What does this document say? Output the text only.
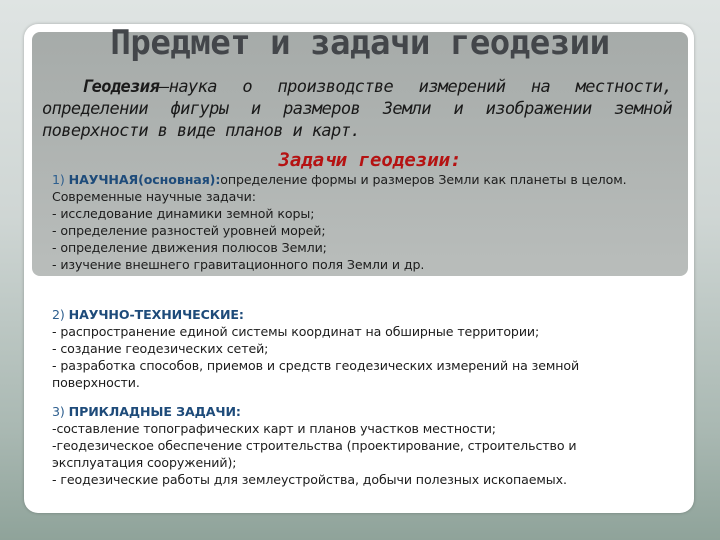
Предмет и задачи геодезии

Геодезия—наука о производстве измерений на местности, определении фигуры и размеров Земли и изображении земной поверхности в виде планов и карт.

Задачи геодезии:
1) НАУЧНАЯ(основная):определение формы и размеров Земли как планеты в целом.
Современные научные задачи:
- исследование динамики земной коры;
- определение разностей уровней морей;
- определение движения полюсов Земли;
- изучение внешнего гравитационного поля Земли и др.
2) НАУЧНО-ТЕХНИЧЕСКИЕ:
- распространение единой системы координат на обширные территории;
- создание геодезических сетей;
- разработка способов, приемов и средств геодезических измерений на земной поверхности.
3) ПРИКЛАДНЫЕ ЗАДАЧИ:
-составление топографических карт и планов участков местности;
-геодезическое обеспечение строительства (проектирование, строительство и эксплуатация сооружений);
- геодезические работы для землеустройства, добычи полезных ископаемых.
